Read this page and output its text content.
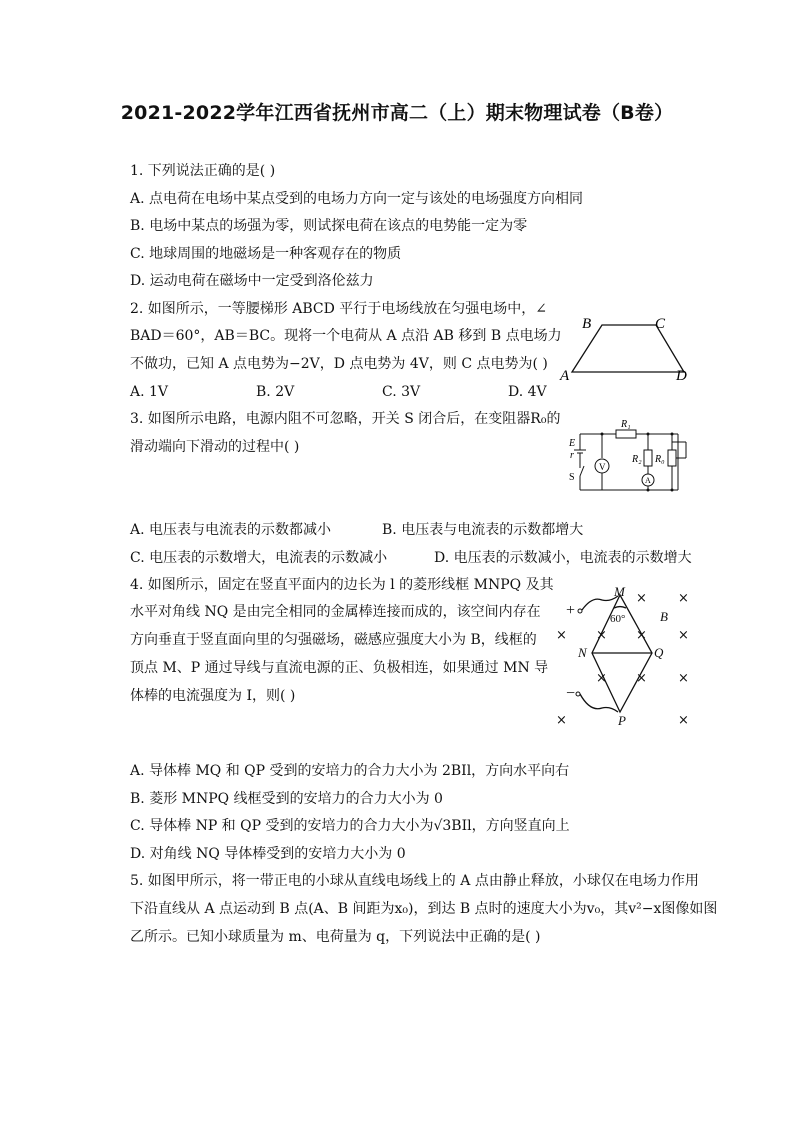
2021-2022学年江西省抚州市高二（上）期末物理试卷（B卷）
1. 下列说法正确的是( )
A. 点电荷在电场中某点受到的电场力方向一定与该处的电场强度方向相同
B. 电场中某点的场强为零，则试探电荷在该点的电势能一定为零
C. 地球周围的地磁场是一种客观存在的物质
D. 运动电荷在磁场中一定受到洛伦兹力
2. 如图所示，一等腰梯形 ABCD 平行于电场线放在匀强电场中，∠
BAD＝60°，AB＝BC。现将一个电荷从 A 点沿 AB 移到 B 点电场力
不做功，已知 A 点电势为−2V，D 点电势为 4V，则 C 点电势为( )
A. 1V	B. 2V	C. 3V	D. 4V
B	C
A	D
3. 如图所示电路，电源内阻不可忽略，开关 S 闭合后，在变阻器R₀的
滑动端向下滑动的过程中( )	E
r
S
R₁
R₂ R₀
V
A
A. 电压表与电流表的示数都减小	B. 电压表与电流表的示数都增大
C. 电压表的示数增大，电流表的示数减小	D. 电压表的示数减小，电流表的示数增大
4. 如图所示，固定在竖直平面内的边长为 l 的菱形线框 MNPQ 及其
水平对角线 NQ 是由完全相同的金属棒连接而成的，该空间内存在
方向垂直于竖直面向里的匀强磁场，磁感应强度大小为 B，线框的
顶点 M、P 通过导线与直流电源的正、负极相连，如果通过 MN 导
体棒的电流强度为 I，则( )
+
−
M
N	Q
P
B
60°
× ×
× × × ×
× × ×
×	×
A. 导体棒 MQ 和 QP 受到的安培力的合力大小为 2BIl，方向水平向右
B. 菱形 MNPQ 线框受到的安培力的合力大小为 0
C. 导体棒 NP 和 QP 受到的安培力的合力大小为√3BIl，方向竖直向上
D. 对角线 NQ 导体棒受到的安培力大小为 0
5. 如图甲所示，将一带正电的小球从直线电场线上的 A 点由静止释放，小球仅在电场力作用
下沿直线从 A 点运动到 B 点(A、B 间距为x₀)，到达 B 点时的速度大小为v₀，其v²−x图像如图
乙所示。已知小球质量为 m、电荷量为 q，下列说法中正确的是( )
